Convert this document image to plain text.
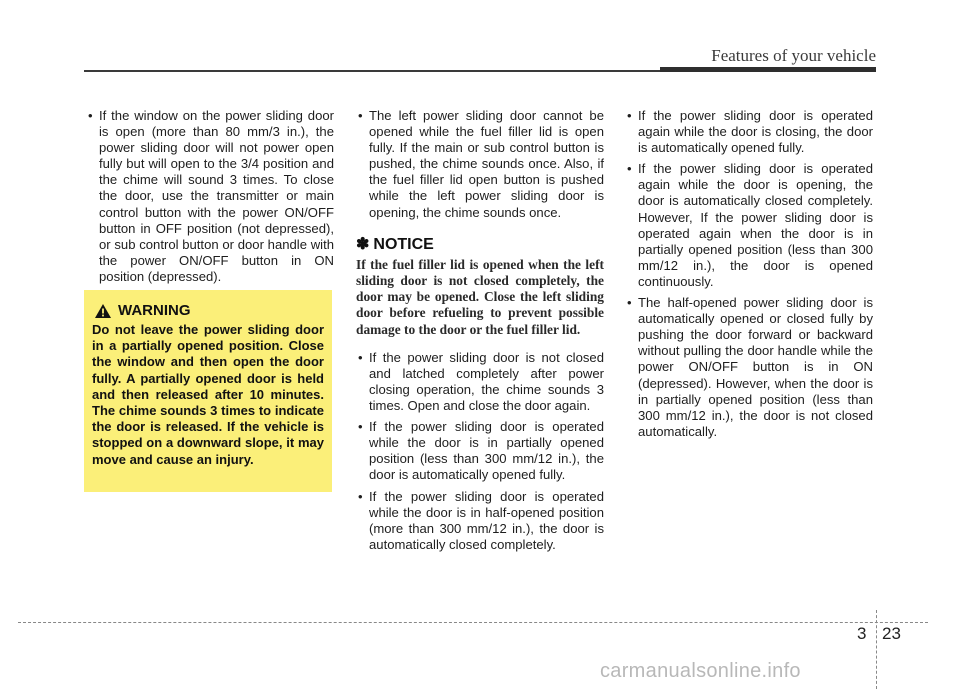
Features of your vehicle

• If the window on the power sliding door is open (more than 80 mm/3 in.), the power sliding door will not power open fully but will open to the 3/4 position and the chime will sound 3 times. To close the door, use the transmitter or main control button with the power ON/OFF button in OFF position (not depressed), or sub control button or door handle with the power ON/OFF button in ON position (depressed).

WARNING

Do not leave the power sliding door in a partially opened position. Close the window and then open the door fully. A partially opened door is held and then released after 10 minutes. The chime sounds 3 times to indicate the door is released. If the vehicle is stopped on a downward slope, it may move and cause an injury.

• The left power sliding door cannot be opened while the fuel filler lid is open fully. If the main or sub control button is pushed, the chime sounds once. Also, if the fuel filler lid open button is pushed while the left power sliding door is opening, the chime sounds once.

✽ NOTICE

If the fuel filler lid is opened when the left sliding door is not closed completely, the door may be opened. Close the left sliding door before refueling to prevent possible damage to the door or the fuel filler lid.

• If the power sliding door is not closed and latched completely after power closing operation, the chime sounds 3 times. Open and close the door again.

• If the power sliding door is operated while the door is in partially opened position (less than 300 mm/12 in.), the door is automatically opened fully.

• If the power sliding door is operated while the door is in half-opened position (more than 300 mm/12 in.), the door is automatically closed completely.

• If the power sliding door is operated again while the door is closing, the door is automatically opened fully.

• If the power sliding door is operated again while the door is opening, the door is automatically closed completely. However, If the power sliding door is operated again when the door is in partially opened position (less than 300 mm/12 in.), the door is opened continuously.

• The half-opened power sliding door is automatically opened or closed fully by pushing the door forward or backward without pulling the door handle while the power ON/OFF button is in ON (depressed). However, when the door is in partially opened position (less than 300 mm/12 in.), the door is not closed automatically.

3 23
carmanualsonline.info
